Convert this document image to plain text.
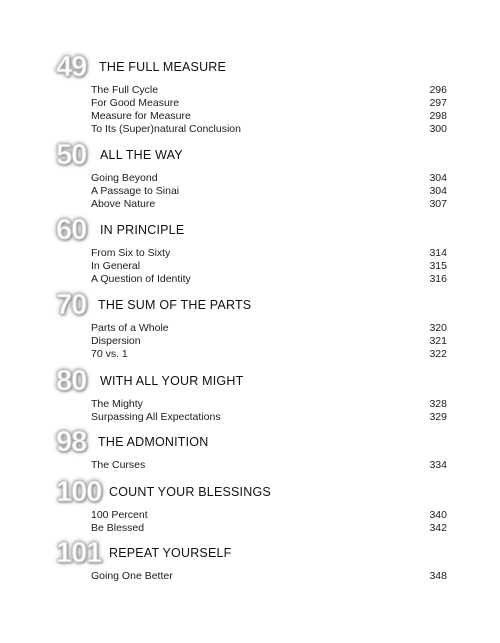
49 THE FULL MEASURE
The Full Cycle	296
For Good Measure	297
Measure for Measure	298
To Its (Super)natural Conclusion	300
50 ALL THE WAY
Going Beyond	304
A Passage to Sinai	304
Above Nature	307
60 IN PRINCIPLE
From Six to Sixty	314
In General	315
A Question of Identity	316
70 THE SUM OF THE PARTS
Parts of a Whole	320
Dispersion	321
70 vs. 1	322
80 WITH ALL YOUR MIGHT
The Mighty	328
Surpassing All Expectations	329
98 THE ADMONITION
The Curses	334
100 COUNT YOUR BLESSINGS
100 Percent	340
Be Blessed	342
101 REPEAT YOURSELF
Going One Better	348
